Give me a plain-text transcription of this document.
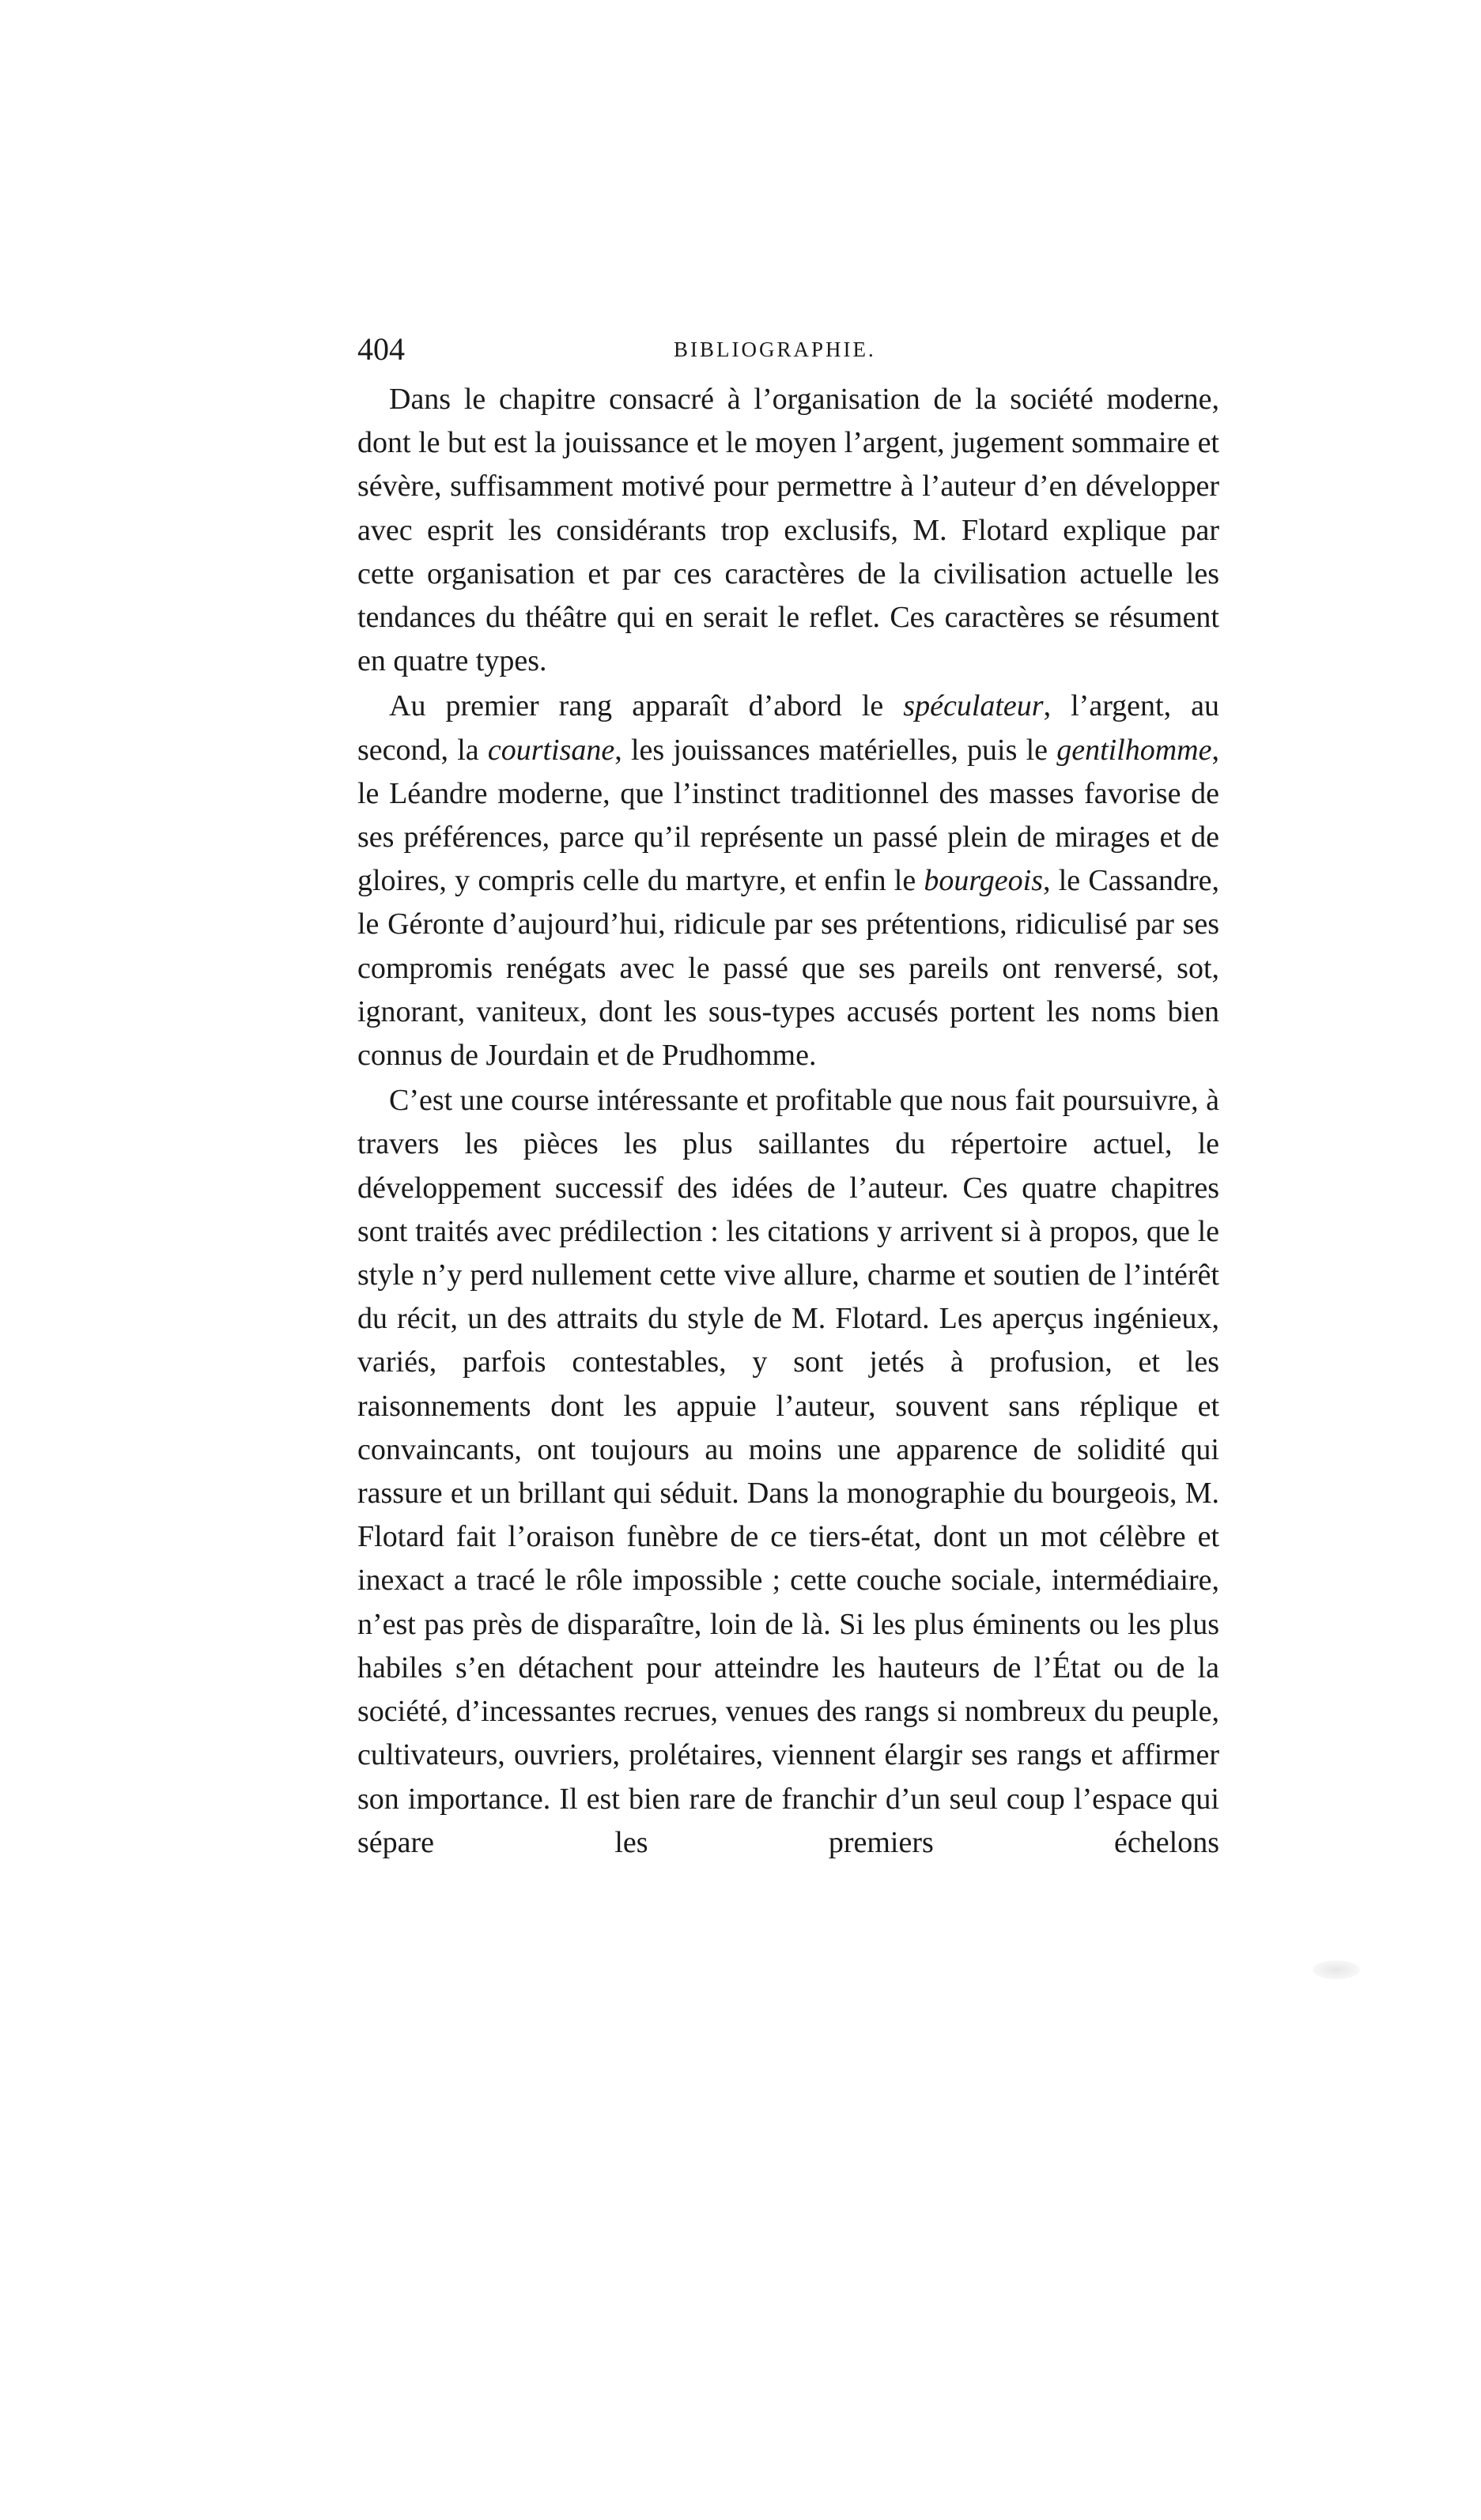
404	BIBLIOGRAPHIE.

Dans le chapitre consacré à l’organisation de la société moderne, dont le but est la jouissance et le moyen l’argent, jugement sommaire et sévère, suffisamment motivé pour permettre à l’auteur d’en développer avec esprit les considérants trop exclusifs, M. Flotard explique par cette organisation et par ces caractères de la civilisation actuelle les tendances du théâtre qui en serait le reflet. Ces caractères se résument en quatre types.

Au premier rang apparaît d’abord le spéculateur, l’argent, au second, la courtisane, les jouissances matérielles, puis le gentilhomme, le Léandre moderne, que l’instinct traditionnel des masses favorise de ses préférences, parce qu’il représente un passé plein de mirages et de gloires, y compris celle du martyre, et enfin le bourgeois, le Cassandre, le Géronte d’aujourd’hui, ridicule par ses prétentions, ridiculisé par ses compromis renégats avec le passé que ses pareils ont renversé, sot, ignorant, vaniteux, dont les sous-types accusés portent les noms bien connus de Jourdain et de Prudhomme.

C’est une course intéressante et profitable que nous fait poursuivre, à travers les pièces les plus saillantes du répertoire actuel, le développement successif des idées de l’auteur. Ces quatre chapitres sont traités avec prédilection : les citations y arrivent si à propos, que le style n’y perd nullement cette vive allure, charme et soutien de l’intérêt du récit, un des attraits du style de M. Flotard. Les aperçus ingénieux, variés, parfois contestables, y sont jetés à profusion, et les raisonnements dont les appuie l’auteur, souvent sans réplique et convaincants, ont toujours au moins une apparence de solidité qui rassure et un brillant qui séduit. Dans la monographie du bourgeois, M. Flotard fait l’oraison funèbre de ce tiers-état, dont un mot célèbre et inexact a tracé le rôle impossible ; cette couche sociale, intermédiaire, n’est pas près de disparaître, loin de là. Si les plus éminents ou les plus habiles s’en détachent pour atteindre les hauteurs de l’État ou de la société, d’incessantes recrues, venues des rangs si nombreux du peuple, cultivateurs, ouvriers, prolétaires, viennent élargir ses rangs et affirmer son importance. Il est bien rare de franchir d’un seul coup l’espace qui sépare les premiers échelons
